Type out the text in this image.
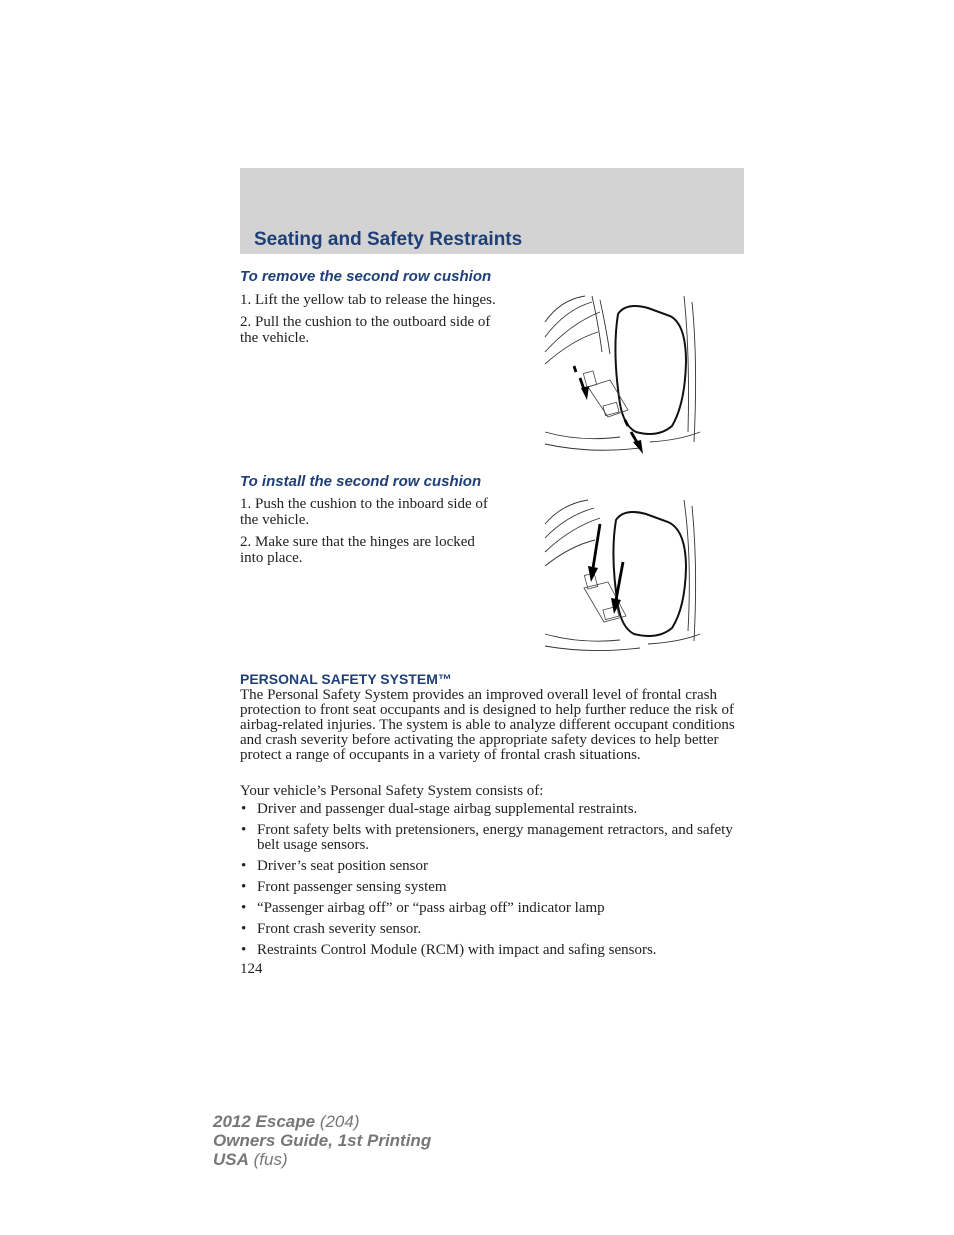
Seating and Safety Restraints
To remove the second row cushion

1. Lift the yellow tab to release the hinges.

2. Pull the cushion to the outboard side of the vehicle.

To install the second row cushion

1. Push the cushion to the inboard side of the vehicle.

2. Make sure that the hinges are locked into place.

PERSONAL SAFETY SYSTEM™

The Personal Safety System provides an improved overall level of frontal crash protection to front seat occupants and is designed to help further reduce the risk of airbag-related injuries. The system is able to analyze different occupant conditions and crash severity before activating the appropriate safety devices to help better protect a range of occupants in a variety of frontal crash situations.

Your vehicle’s Personal Safety System consists of:

• Driver and passenger dual-stage airbag supplemental restraints.
• Front safety belts with pretensioners, energy management retractors, and safety belt usage sensors.
• Driver’s seat position sensor
• Front passenger sensing system
• “Passenger airbag off” or “pass airbag off” indicator lamp
• Front crash severity sensor.
• Restraints Control Module (RCM) with impact and safing sensors.
124
2012 Escape (204)
Owners Guide, 1st Printing
USA (fus)
